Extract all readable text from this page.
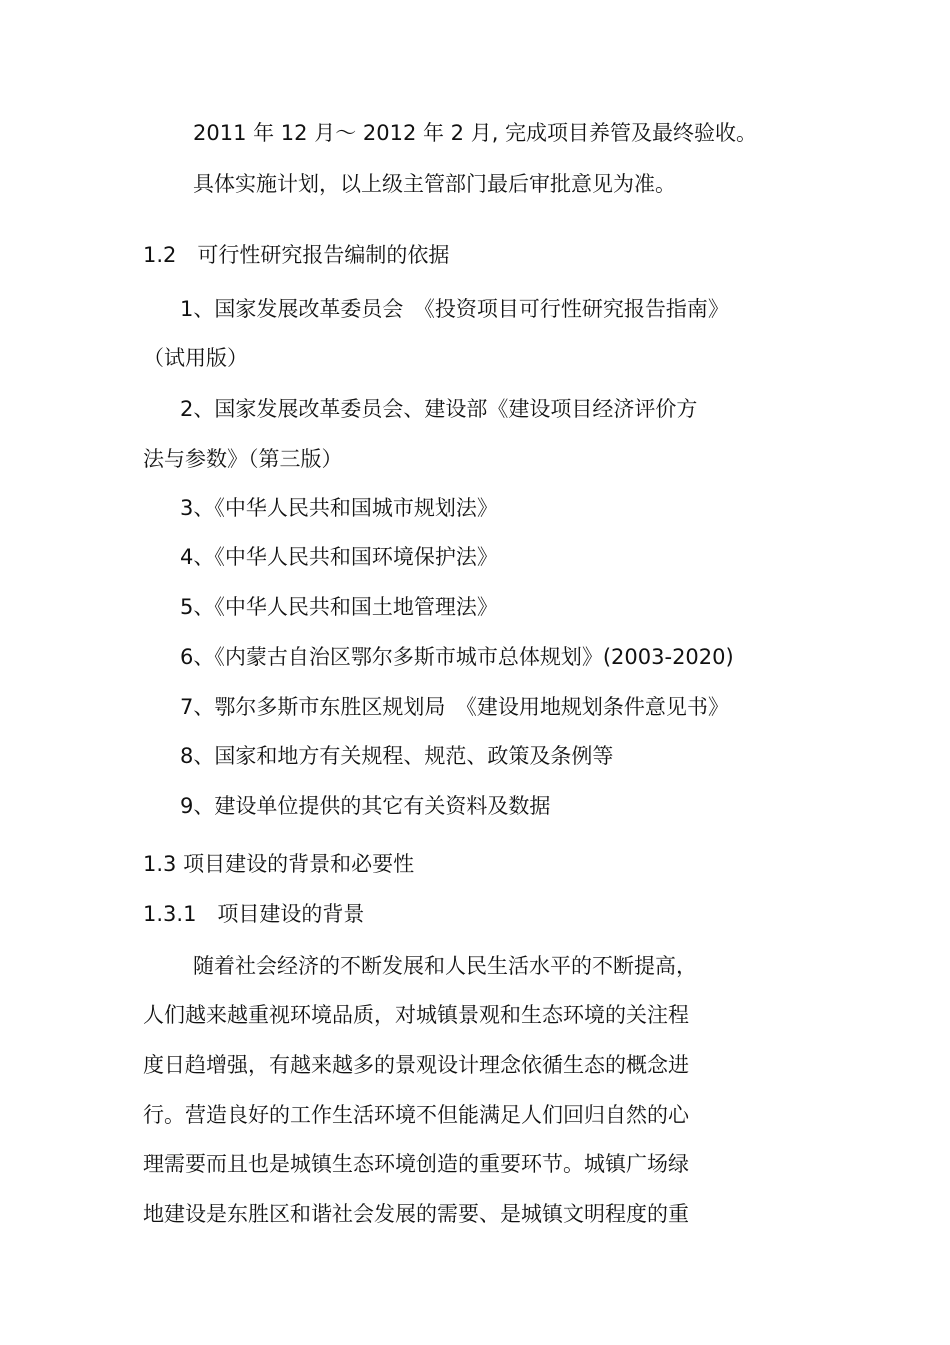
2011 年 12 月～ 2012 年 2 月, 完成项目养管及最终验收。
具体实施计划，以上级主管部门最后审批意见为准。
1.2　可行性研究报告编制的依据
1、国家发展改革委员会　《投资项目可行性研究报告指南》
（试用版）
2、国家发展改革委员会、建设部《建设项目经济评价方
法与参数》（第三版）
3、《中华人民共和国城市规划法》
4、《中华人民共和国环境保护法》
5、《中华人民共和国土地管理法》
6、《内蒙古自治区鄂尔多斯市城市总体规划》(2003-2020)
7、鄂尔多斯市东胜区规划局　《建设用地规划条件意见书》
8、国家和地方有关规程、规范、政策及条例等
9、建设单位提供的其它有关资料及数据
1.3 项目建设的背景和必要性
1.3.1　项目建设的背景
随着社会经济的不断发展和人民生活水平的不断提高，
人们越来越重视环境品质，对城镇景观和生态环境的关注程
度日趋增强，有越来越多的景观设计理念依循生态的概念进
行。营造良好的工作生活环境不但能满足人们回归自然的心
理需要而且也是城镇生态环境创造的重要环节。城镇广场绿
地建设是东胜区和谐社会发展的需要、是城镇文明程度的重
